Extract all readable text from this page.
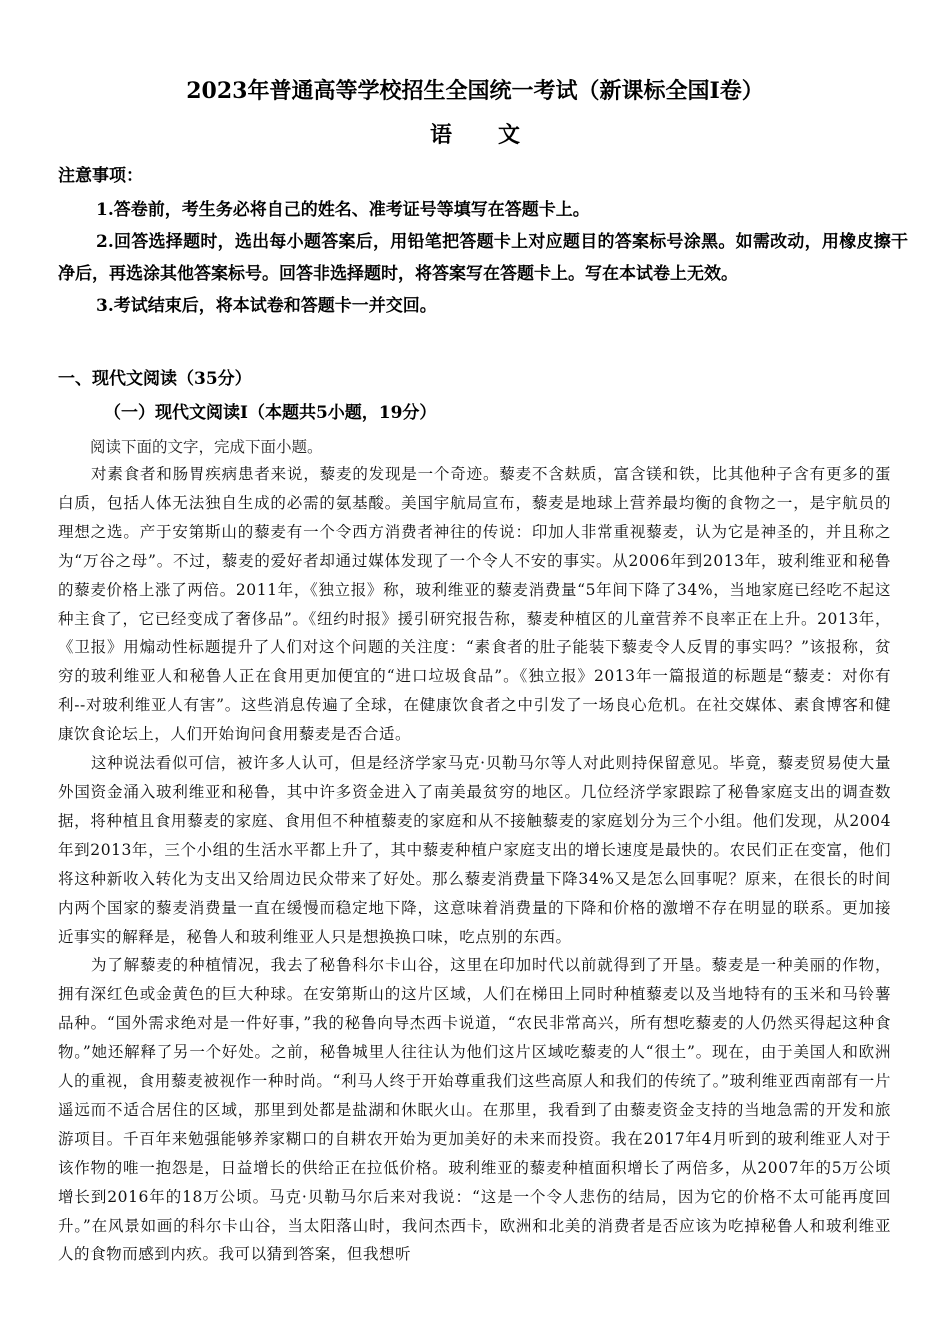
2023年普通高等学校招生全国统一考试（新课标全国Ⅰ卷）
语文

注意事项：

1.答卷前，考生务必将自己的姓名、准考证号等填写在答题卡上。

2.回答选择题时，选出每小题答案后，用铅笔把答题卡上对应题目的答案标号涂黑。如需改动，用橡皮擦干净后，再选涂其他答案标号。回答非选择题时，将答案写在答题卡上。写在本试卷上无效。

3.考试结束后，将本试卷和答题卡一并交回。

一、现代文阅读（35分）
（一）现代文阅读Ⅰ（本题共5小题，19分）
阅读下面的文字，完成下面小题。

对素食者和肠胃疾病患者来说，藜麦的发现是一个奇迹。藜麦不含麸质，富含镁和铁，比其他种子含有更多的蛋白质，包括人体无法独自生成的必需的氨基酸。美国宇航局宣布，藜麦是地球上营养最均衡的食物之一，是宇航员的理想之选。产于安第斯山的藜麦有一个令西方消费者神往的传说：印加人非常重视藜麦，认为它是神圣的，并且称之为“万谷之母”。不过，藜麦的爱好者却通过媒体发现了一个令人不安的事实。从2006年到2013年，玻利维亚和秘鲁的藜麦价格上涨了两倍。2011年，《独立报》称，玻利维亚的藜麦消费量“5年间下降了34%，当地家庭已经吃不起这种主食了，它已经变成了奢侈品”。《纽约时报》援引研究报告称，藜麦种植区的儿童营养不良率正在上升。2013年，《卫报》用煽动性标题提升了人们对这个问题的关注度：“素食者的肚子能装下藜麦令人反胃的事实吗？”该报称，贫穷的玻利维亚人和秘鲁人正在食用更加便宜的“进口垃圾食品”。《独立报》2013年一篇报道的标题是“藜麦：对你有利--对玻利维亚人有害”。这些消息传遍了全球，在健康饮食者之中引发了一场良心危机。在社交媒体、素食博客和健康饮食论坛上，人们开始询问食用藜麦是否合适。

这种说法看似可信，被许多人认可，但是经济学家马克·贝勒马尔等人对此则持保留意见。毕竟，藜麦贸易使大量外国资金涌入玻利维亚和秘鲁，其中许多资金进入了南美最贫穷的地区。几位经济学家跟踪了秘鲁家庭支出的调查数据，将种植且食用藜麦的家庭、食用但不种植藜麦的家庭和从不接触藜麦的家庭划分为三个小组。他们发现，从2004年到2013年，三个小组的生活水平都上升了，其中藜麦种植户家庭支出的增长速度是最快的。农民们正在变富，他们将这种新收入转化为支出又给周边民众带来了好处。那么藜麦消费量下降34%又是怎么回事呢？原来，在很长的时间内两个国家的藜麦消费量一直在缓慢而稳定地下降，这意味着消费量的下降和价格的激增不存在明显的联系。更加接近事实的解释是，秘鲁人和玻利维亚人只是想换换口味，吃点别的东西。

为了解藜麦的种植情况，我去了秘鲁科尔卡山谷，这里在印加时代以前就得到了开垦。藜麦是一种美丽的作物，拥有深红色或金黄色的巨大种球。在安第斯山的这片区域，人们在梯田上同时种植藜麦以及当地特有的玉米和马铃薯品种。“国外需求绝对是一件好事，”我的秘鲁向导杰西卡说道，“农民非常高兴，所有想吃藜麦的人仍然买得起这种食物。”她还解释了另一个好处。之前，秘鲁城里人往往认为他们这片区域吃藜麦的人“很土”。现在，由于美国人和欧洲人的重视，食用藜麦被视作一种时尚。“利马人终于开始尊重我们这些高原人和我们的传统了。”玻利维亚西南部有一片遥远而不适合居住的区域，那里到处都是盐湖和休眠火山。在那里，我看到了由藜麦资金支持的当地急需的开发和旅游项目。千百年来勉强能够养家糊口的自耕农开始为更加美好的未来而投资。我在2017年4月听到的玻利维亚人对于该作物的唯一抱怨是，日益增长的供给正在拉低价格。玻利维亚的藜麦种植面积增长了两倍多，从2007年的5万公顷增长到2016年的18万公顷。马克·贝勒马尔后来对我说：“这是一个令人悲伤的结局，因为它的价格不太可能再度回升。”在风景如画的科尔卡山谷，当太阳落山时，我问杰西卡，欧洲和北美的消费者是否应该为吃掉秘鲁人和玻利维亚人的食物而感到内疚。我可以猜到答案，但我想听
